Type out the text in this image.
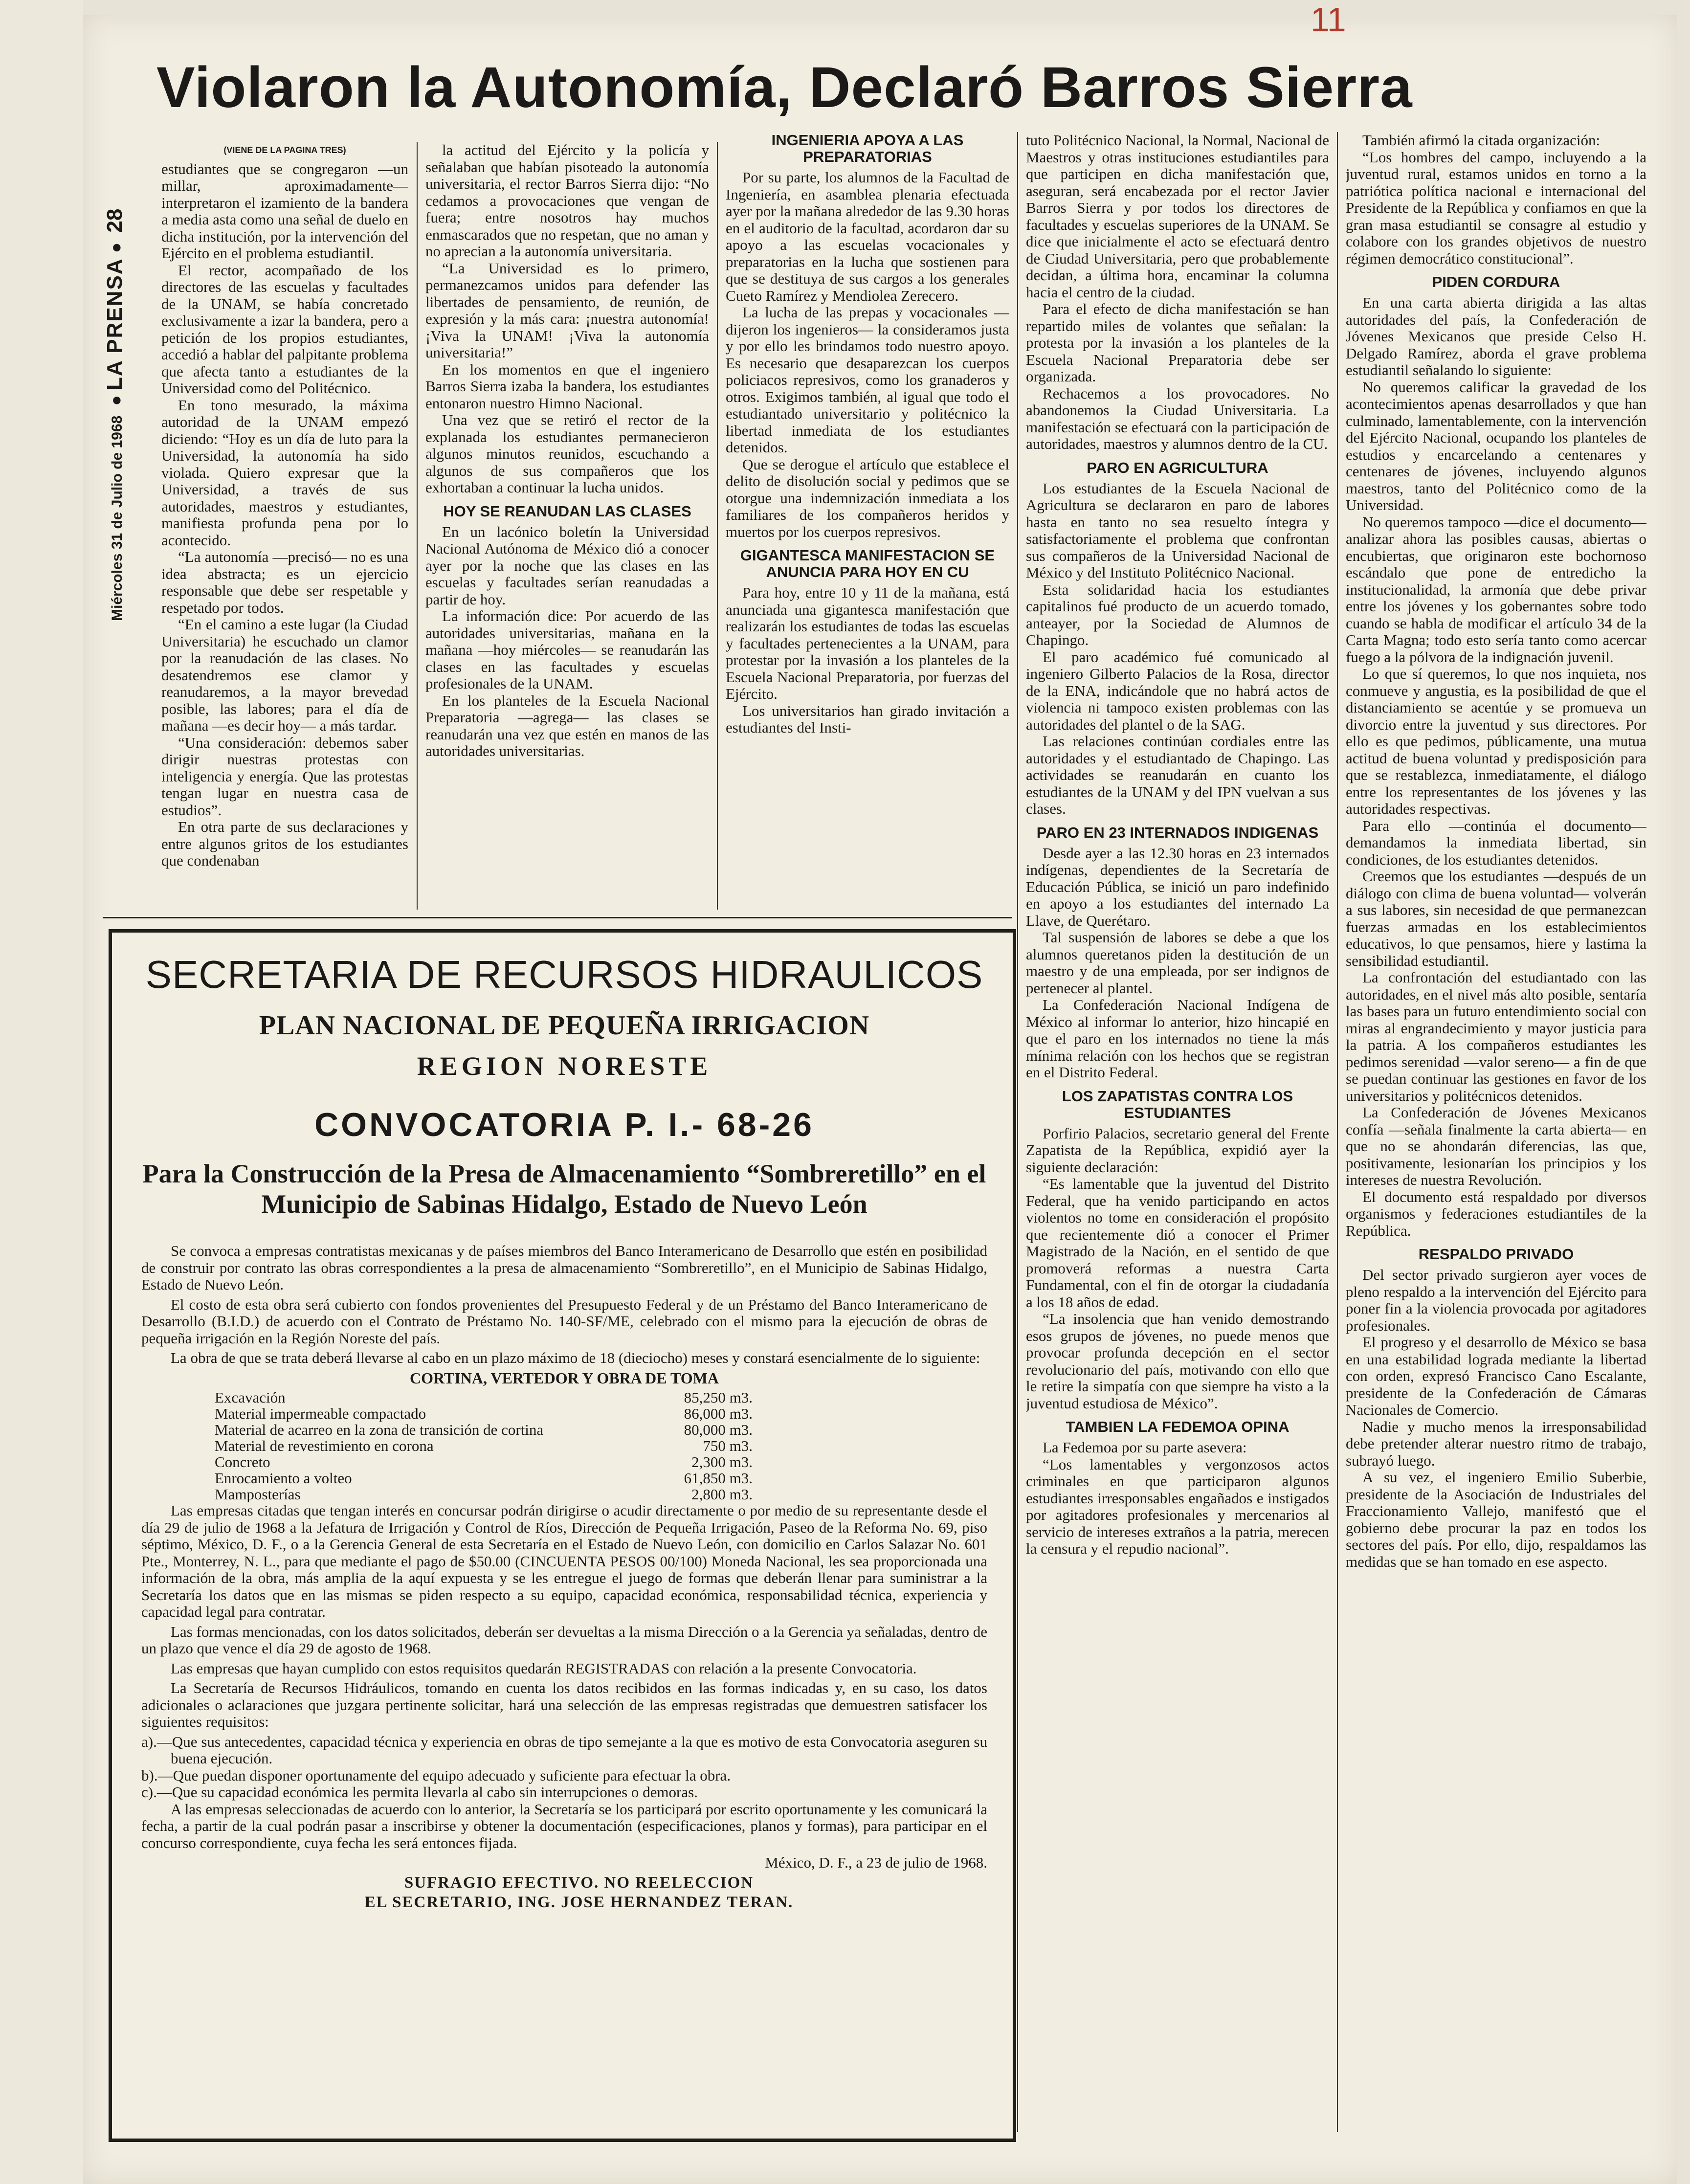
11
Miércoles 31 de Julio de 1968  ● LA PRENSA ●  28
Violaron la Autonomía, Declaró Barros Sierra
(VIENE DE LA PAGINA TRES)

estudiantes que se congregaron —un millar, aproximadamente— interpretaron el izamiento de la bandera a media asta como una señal de duelo en dicha institución, por la intervención del Ejército en el problema estudiantil.

El rector, acompañado de los directores de las escuelas y facultades de la UNAM, se había concretado exclusivamente a izar la bandera, pero a petición de los propios estudiantes, accedió a hablar del palpitante problema que afecta tanto a estudiantes de la Universidad como del Politécnico.

En tono mesurado, la máxima autoridad de la UNAM empezó diciendo: “Hoy es un día de luto para la Universidad, la autonomía ha sido violada. Quiero expresar que la Universidad, a través de sus autoridades, maestros y estudiantes, manifiesta profunda pena por lo acontecido.

“La autonomía —precisó— no es una idea abstracta; es un ejercicio responsable que debe ser respetable y respetado por todos.

“En el camino a este lugar (la Ciudad Universitaria) he escuchado un clamor por la reanudación de las clases. No desatendremos ese clamor y reanudaremos, a la mayor brevedad posible, las labores; para el día de mañana —es decir hoy— a más tardar.

“Una consideración: debemos saber dirigir nuestras protestas con inteligencia y energía. Que las protestas tengan lugar en nuestra casa de estudios”.

En otra parte de sus declaraciones y entre algunos gritos de los estudiantes que condenaban

la actitud del Ejército y la policía y señalaban que habían pisoteado la autonomía universitaria, el rector Barros Sierra dijo: “No cedamos a provocaciones que vengan de fuera; entre nosotros hay muchos enmascarados que no respetan, que no aman y no aprecian a la autonomía universitaria.

“La Universidad es lo primero, permanezcamos unidos para defender las libertades de pensamiento, de reunión, de expresión y la más cara: ¡nuestra autonomía! ¡Viva la UNAM! ¡Viva la autonomía universitaria!”

En los momentos en que el ingeniero Barros Sierra izaba la bandera, los estudiantes entonaron nuestro Himno Nacional.

Una vez que se retiró el rector de la explanada los estudiantes permanecieron algunos minutos reunidos, escuchando a algunos de sus compañeros que los exhortaban a continuar la lucha unidos.

HOY SE REANUDAN LAS CLASES

En un lacónico boletín la Universidad Nacional Autónoma de México dió a conocer ayer por la noche que las clases en las escuelas y facultades serían reanudadas a partir de hoy.

La información dice: Por acuerdo de las autoridades universitarias, mañana en la mañana —hoy miércoles— se reanudarán las clases en las facultades y escuelas profesionales de la UNAM.

En los planteles de la Escuela Nacional Preparatoria —agrega— las clases se reanudarán una vez que estén en manos de las autoridades universitarias.

INGENIERIA APOYA A LAS PREPARATORIAS

Por su parte, los alumnos de la Facultad de Ingeniería, en asamblea plenaria efectuada ayer por la mañana alrededor de las 9.30 horas en el auditorio de la facultad, acordaron dar su apoyo a las escuelas vocacionales y preparatorias en la lucha que sostienen para que se destituya de sus cargos a los generales Cueto Ramírez y Mendiolea Zerecero.

La lucha de las prepas y vocacionales —dijeron los ingenieros— la consideramos justa y por ello les brindamos todo nuestro apoyo. Es necesario que desaparezcan los cuerpos policiacos represivos, como los granaderos y otros. Exigimos también, al igual que todo el estudiantado universitario y politécnico la libertad inmediata de los estudiantes detenidos.

Que se derogue el artículo que establece el delito de disolución social y pedimos que se otorgue una indemnización inmediata a los familiares de los compañeros heridos y muertos por los cuerpos represivos.

GIGANTESCA MANIFESTACION SE ANUNCIA PARA HOY EN CU

Para hoy, entre 10 y 11 de la mañana, está anunciada una gigantesca manifestación que realizarán los estudiantes de todas las escuelas y facultades pertenecientes a la UNAM, para protestar por la invasión a los planteles de la Escuela Nacional Preparatoria, por fuerzas del Ejército.

Los universitarios han girado invitación a estudiantes del Insti-

tuto Politécnico Nacional, la Normal, Nacional de Maestros y otras instituciones estudiantiles para que participen en dicha manifestación que, aseguran, será encabezada por el rector Javier Barros Sierra y por todos los directores de facultades y escuelas superiores de la UNAM. Se dice que inicialmente el acto se efectuará dentro de Ciudad Universitaria, pero que probablemente decidan, a última hora, encaminar la columna hacia el centro de la ciudad.

Para el efecto de dicha manifestación se han repartido miles de volantes que señalan: la protesta por la invasión a los planteles de la Escuela Nacional Preparatoria debe ser organizada.

Rechacemos a los provocadores. No abandonemos la Ciudad Universitaria. La manifestación se efectuará con la participación de autoridades, maestros y alumnos dentro de la CU.

PARO EN AGRICULTURA

Los estudiantes de la Escuela Nacional de Agricultura se declararon en paro de labores hasta en tanto no sea resuelto íntegra y satisfactoriamente el problema que confrontan sus compañeros de la Universidad Nacional de México y del Instituto Politécnico Nacional.

Esta solidaridad hacia los estudiantes capitalinos fué producto de un acuerdo tomado, anteayer, por la Sociedad de Alumnos de Chapingo.

El paro académico fué comunicado al ingeniero Gilberto Palacios de la Rosa, director de la ENA, indicándole que no habrá actos de violencia ni tampoco existen problemas con las autoridades del plantel o de la SAG.

Las relaciones continúan cordiales entre las autoridades y el estudiantado de Chapingo. Las actividades se reanudarán en cuanto los estudiantes de la UNAM y del IPN vuelvan a sus clases.

PARO EN 23 INTERNADOS INDIGENAS

Desde ayer a las 12.30 horas en 23 internados indígenas, dependientes de la Secretaría de Educación Pública, se inició un paro indefinido en apoyo a los estudiantes del internado La Llave, de Querétaro.

Tal suspensión de labores se debe a que los alumnos queretanos piden la destitución de un maestro y de una empleada, por ser indignos de pertenecer al plantel.

La Confederación Nacional Indígena de México al informar lo anterior, hizo hincapié en que el paro en los internados no tiene la más mínima relación con los hechos que se registran en el Distrito Federal.

LOS ZAPATISTAS CONTRA LOS ESTUDIANTES

Porfirio Palacios, secretario general del Frente Zapatista de la República, expidió ayer la siguiente declaración:

“Es lamentable que la juventud del Distrito Federal, que ha venido participando en actos violentos no tome en consideración el propósito que recientemente dió a conocer el Primer Magistrado de la Nación, en el sentido de que promoverá reformas a nuestra Carta Fundamental, con el fin de otorgar la ciudadanía a los 18 años de edad.

“La insolencia que han venido demostrando esos grupos de jóvenes, no puede menos que provocar profunda decepción en el sector revolucionario del país, motivando con ello que le retire la simpatía con que siempre ha visto a la juventud estudiosa de México”.

TAMBIEN LA FEDEMOA OPINA

La Fedemoa por su parte asevera:

“Los lamentables y vergonzosos actos criminales en que participaron algunos estudiantes irresponsables engañados e instigados por agitadores profesionales y mercenarios al servicio de intereses extraños a la patria, merecen la censura y el repudio nacional”.

También afirmó la citada organización:

“Los hombres del campo, incluyendo a la juventud rural, estamos unidos en torno a la patriótica política nacional e internacional del Presidente de la República y confiamos en que la gran masa estudiantil se consagre al estudio y colabore con los grandes objetivos de nuestro régimen democrático constitucional”.

PIDEN CORDURA

En una carta abierta dirigida a las altas autoridades del país, la Confederación de Jóvenes Mexicanos que preside Celso H. Delgado Ramírez, aborda el grave problema estudiantil señalando lo siguiente:

No queremos calificar la gravedad de los acontecimientos apenas desarrollados y que han culminado, lamentablemente, con la intervención del Ejército Nacional, ocupando los planteles de estudios y encarcelando a centenares y centenares de jóvenes, incluyendo algunos maestros, tanto del Politécnico como de la Universidad.

No queremos tampoco —dice el documento— analizar ahora las posibles causas, abiertas o encubiertas, que originaron este bochornoso escándalo que pone de entredicho la institucionalidad, la armonía que debe privar entre los jóvenes y los gobernantes sobre todo cuando se habla de modificar el artículo 34 de la Carta Magna; todo esto sería tanto como acercar fuego a la pólvora de la indignación juvenil.

Lo que sí queremos, lo que nos inquieta, nos conmueve y angustia, es la posibilidad de que el distanciamiento se acentúe y se promueva un divorcio entre la juventud y sus directores. Por ello es que pedimos, públicamente, una mutua actitud de buena voluntad y predisposición para que se restablezca, inmediatamente, el diálogo entre los representantes de los jóvenes y las autoridades respectivas.

Para ello —continúa el documento— demandamos la inmediata libertad, sin condiciones, de los estudiantes detenidos.

Creemos que los estudiantes —después de un diálogo con clima de buena voluntad— volverán a sus labores, sin necesidad de que permanezcan fuerzas armadas en los establecimientos educativos, lo que pensamos, hiere y lastima la sensibilidad estudiantil.

La confrontación del estudiantado con las autoridades, en el nivel más alto posible, sentaría las bases para un futuro entendimiento social con miras al engrandecimiento y mayor justicia para la patria. A los compañeros estudiantes les pedimos serenidad —valor sereno— a fin de que se puedan continuar las gestiones en favor de los universitarios y politécnicos detenidos.

La Confederación de Jóvenes Mexicanos confía —señala finalmente la carta abierta— en que no se ahondarán diferencias, las que, positivamente, lesionarían los principios y los intereses de nuestra Revolución.

El documento está respaldado por diversos organismos y federaciones estudiantiles de la República.

RESPALDO PRIVADO

Del sector privado surgieron ayer voces de pleno respaldo a la intervención del Ejército para poner fin a la violencia provocada por agitadores profesionales.

El progreso y el desarrollo de México se basa en una estabilidad lograda mediante la libertad con orden, expresó Francisco Cano Escalante, presidente de la Confederación de Cámaras Nacionales de Comercio.

Nadie y mucho menos la irresponsabilidad debe pretender alterar nuestro ritmo de trabajo, subrayó luego.

A su vez, el ingeniero Emilio Suberbie, presidente de la Asociación de Industriales del Fraccionamiento Vallejo, manifestó que el gobierno debe procurar la paz en todos los sectores del país. Por ello, dijo, respaldamos las medidas que se han tomado en ese aspecto.

SECRETARIA DE RECURSOS HIDRAULICOS
PLAN NACIONAL DE PEQUEÑA IRRIGACION
REGION NORESTE
CONVOCATORIA P. I.- 68-26
Para la Construcción de la Presa de Almacenamiento “Sombreretillo” en el Municipio de Sabinas Hidalgo, Estado de Nuevo León

Se convoca a empresas contratistas mexicanas y de países miembros del Banco Interamericano de Desarrollo que estén en posibilidad de construir por contrato las obras correspondientes a la presa de almacenamiento “Sombreretillo”, en el Municipio de Sabinas Hidalgo, Estado de Nuevo León.

El costo de esta obra será cubierto con fondos provenientes del Presupuesto Federal y de un Préstamo del Banco Interamericano de Desarrollo (B.I.D.) de acuerdo con el Contrato de Préstamo No. 140-SF/ME, celebrado con el mismo para la ejecución de obras de pequeña irrigación en la Región Noreste del país.

La obra de que se trata deberá llevarse al cabo en un plazo máximo de 18 (dieciocho) meses y constará esencialmente de lo siguiente:

CORTINA, VERTEDOR Y OBRA DE TOMA
Excavación	85,250 m3.

Material impermeable compactado	86,000 m3.

Material de acarreo en la zona de transición de cortina	80,000 m3.

Material de revestimiento en corona	750 m3.

Concreto	2,300 m3.

Enrocamiento a volteo	61,850 m3.

Mamposterías	2,800 m3.

Las empresas citadas que tengan interés en concursar podrán dirigirse o acudir directamente o por medio de su representante desde el día 29 de julio de 1968 a la Jefatura de Irrigación y Control de Ríos, Dirección de Pequeña Irrigación, Paseo de la Reforma No. 69, piso séptimo, México, D. F., o a la Gerencia General de esta Secretaría en el Estado de Nuevo León, con domicilio en Carlos Salazar No. 601 Pte., Monterrey, N. L., para que mediante el pago de $50.00 (CINCUENTA PESOS 00/100) Moneda Nacional, les sea proporcionada una información de la obra, más amplia de la aquí expuesta y se les entregue el juego de formas que deberán llenar para suministrar a la Secretaría los datos que en las mismas se piden respecto a su equipo, capacidad económica, responsabilidad técnica, experiencia y capacidad legal para contratar.

Las formas mencionadas, con los datos solicitados, deberán ser devueltas a la misma Dirección o a la Gerencia ya señaladas, dentro de un plazo que vence el día 29 de agosto de 1968.

Las empresas que hayan cumplido con estos requisitos quedarán REGISTRADAS con relación a la presente Convocatoria.

La Secretaría de Recursos Hidráulicos, tomando en cuenta los datos recibidos en las formas indicadas y, en su caso, los datos adicionales o aclaraciones que juzgara pertinente solicitar, hará una selección de las empresas registradas que demuestren satisfacer los siguientes requisitos:

a).—Que sus antecedentes, capacidad técnica y experiencia en obras de tipo semejante a la que es motivo de esta Convocatoria aseguren su buena ejecución.
b).—Que puedan disponer oportunamente del equipo adecuado y suficiente para efectuar la obra.
c).—Que su capacidad económica les permita llevarla al cabo sin interrupciones o demoras.

A las empresas seleccionadas de acuerdo con lo anterior, la Secretaría se los participará por escrito oportunamente y les comunicará la fecha, a partir de la cual podrán pasar a inscribirse y obtener la documentación (especificaciones, planos y formas), para participar en el concurso correspondiente, cuya fecha les será entonces fijada.

México, D. F., a 23 de julio de 1968.

SUFRAGIO EFECTIVO. NO REELECCION

EL SECRETARIO, ING. JOSE HERNANDEZ TERAN.
